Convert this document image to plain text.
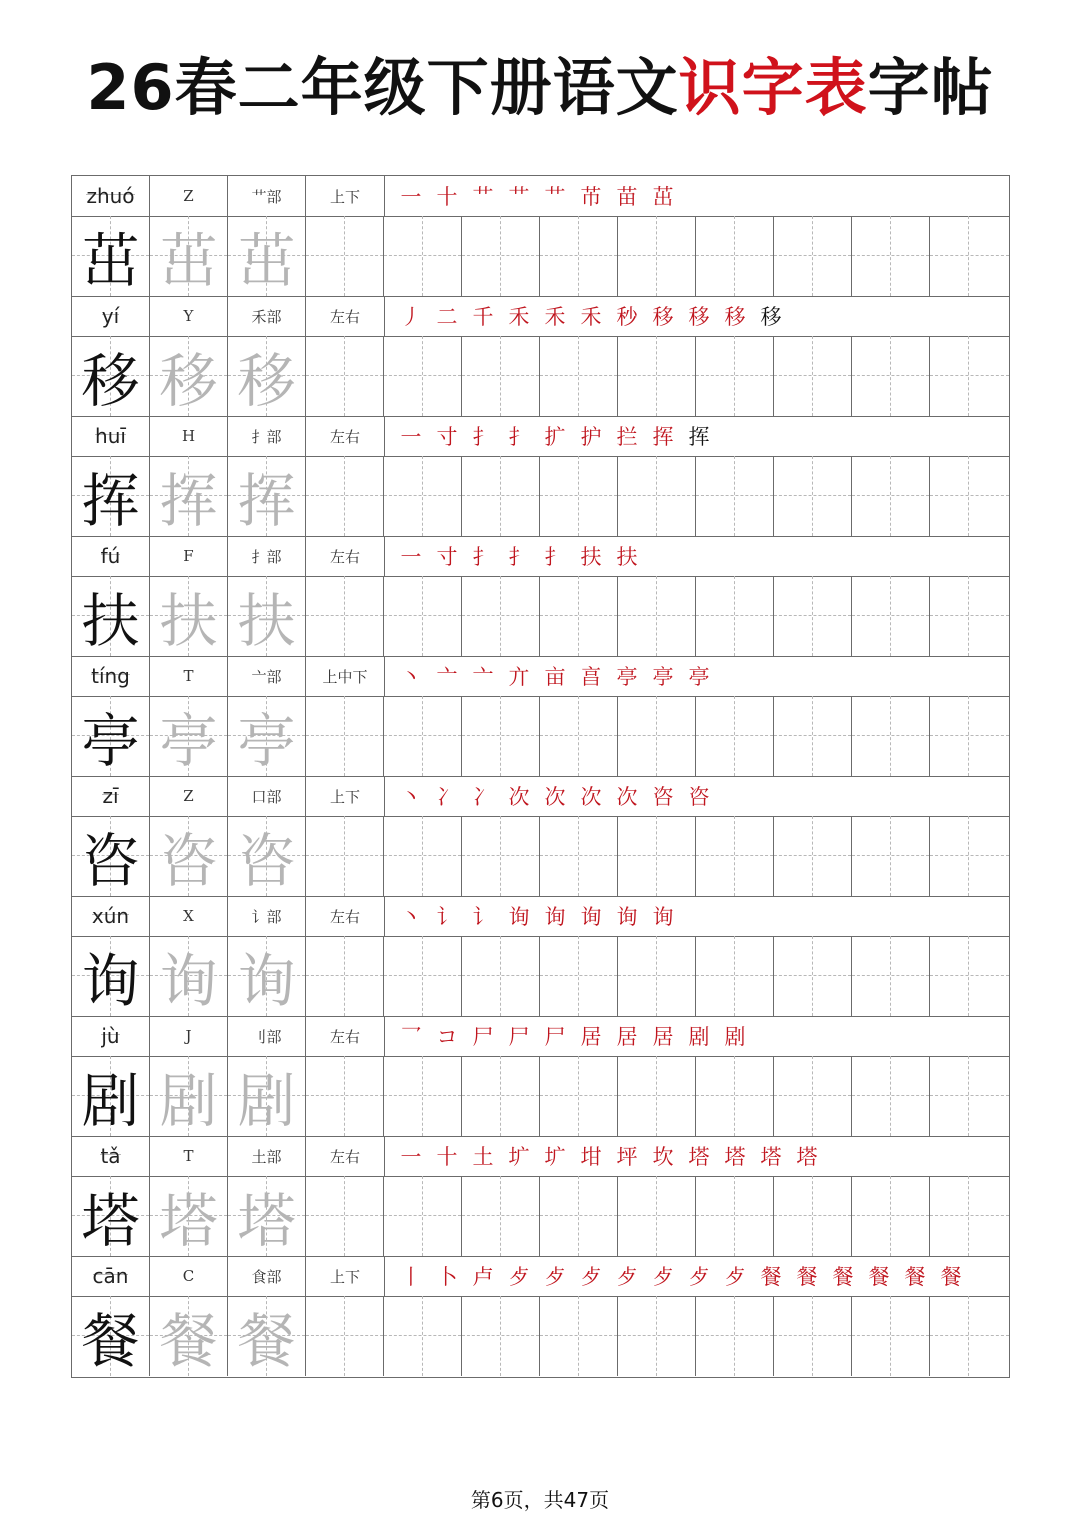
26春二年级下册语文识字表字帖
zhuó	Z	艹部	上下	一 十 艹 艹 艹 芇 苗 茁
茁 茁 茁
yí	Y	禾部	左右	丿 二 千 禾 禾 禾 秒 移 移 移 移
移 移 移
huī	H	扌部	左右	一 寸 扌 扌 扩 护 拦 挥 挥
挥 挥 挥
fú	F	扌部	左右	一 寸 扌 扌 扌 扶 扶
扶 扶 扶
tíng	T	亠部	上中下	丶 亠 亠 亣 亩 亯 亭 亭 亭
亭 亭 亭
zī	Z	口部	上下	丶 冫 冫 次 次 次 次 咨 咨
咨 咨 咨
xún	X	讠部	左右	丶 讠 讠 询 询 询 询 询
询 询 询
jù	J	刂部	左右	乛 コ 尸 尸 尸 居 居 居 剧 剧
剧 剧 剧
tǎ	T	土部	左右	一 十 土 圹 圹 坩 坪 坎 塔 塔 塔 塔
塔 塔 塔
cān	C	食部	上下	丨 卜 卢 歺 歺 歺 歺 歺 歺 歺 餐 餐 餐 餐 餐 餐
餐 餐 餐
第6页，共47页
